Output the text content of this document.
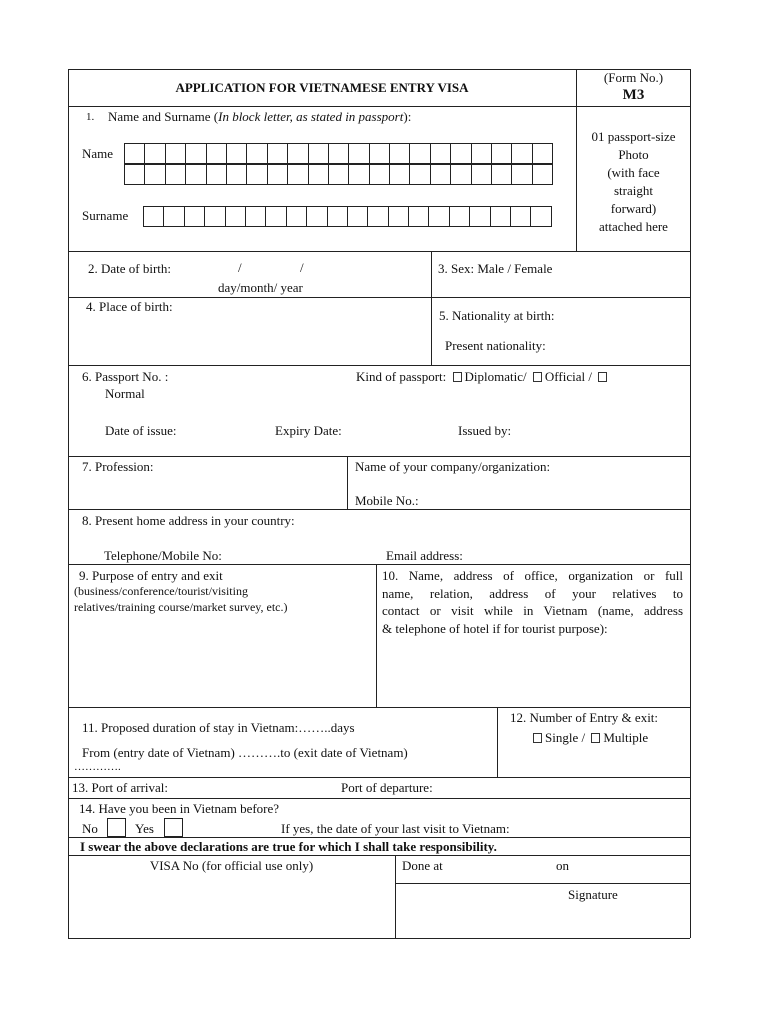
APPLICATION FOR VIETNAMESE ENTRY VISA
(Form No.)
M3
01 passport-size
Photo
(with face
straight
forward)
attached here
1. Name and Surname (In block letter, as stated in passport):
Name
Surname
2. Date of birth:	/	/
day/month/ year
3. Sex: Male / Female
4. Place of birth:
5. Nationality at birth:
Present nationality:
6. Passport No. :	Kind of passport: Diplomatic/ Official /
Normal
Date of issue:	Expiry Date:	Issued by:
7. Profession:	Name of your company/organization:
Mobile No.:
8. Present home address in your country:
Telephone/Mobile No:	Email address:
9. Purpose of entry and exit
(business/conference/tourist/visiting
relatives/training course/market survey, etc.)
10. Name, address of office, organization or full
name, relation, address of your relatives to
contact or visit while in Vietnam (name, address
& telephone of hotel if for tourist purpose):
11. Proposed duration of stay in Vietnam:……..days
From (entry date of Vietnam) ……….to (exit date of Vietnam)
………….
12. Number of Entry & exit:
Single / Multiple
13. Port of arrival:	Port of departure:
14. Have you been in Vietnam before?
No	Yes	If yes, the date of your last visit to Vietnam:
I swear the above declarations are true for which I shall take responsibility.
VISA No (for official use only)	Done at	on
Signature
